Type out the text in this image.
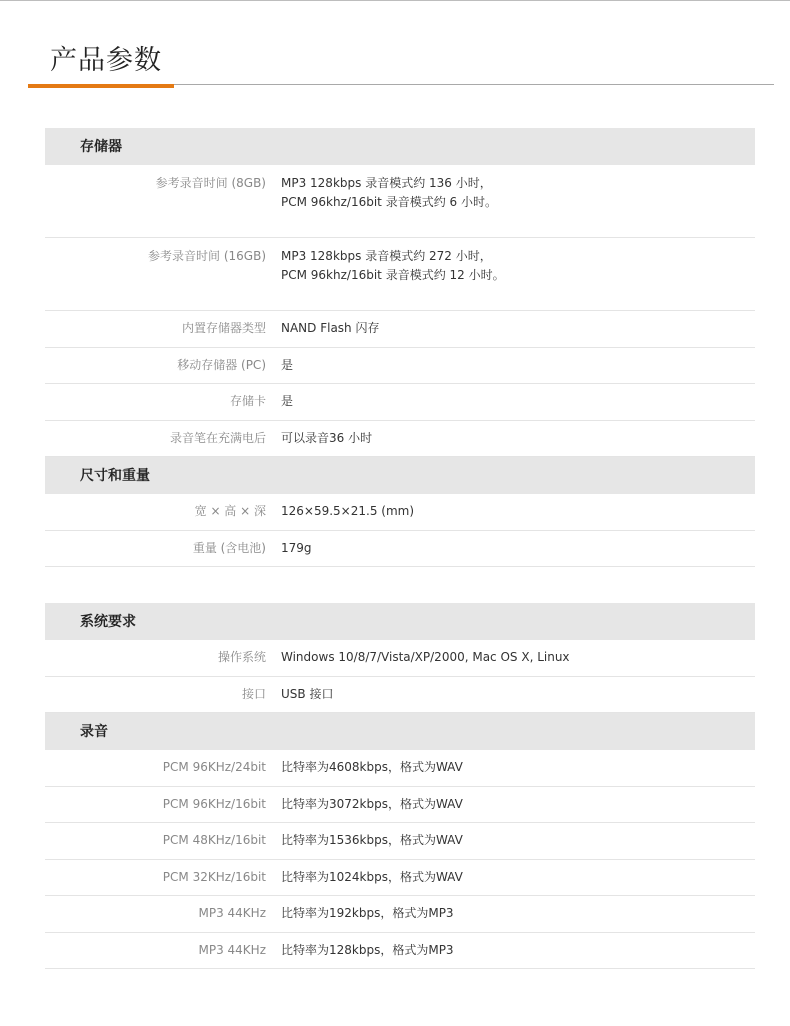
产品参数
存储器
参考录音时间 (8GB) MP3 128kbps 录音模式约 136 小时，
PCM 96khz/16bit 录音模式约 6 小时。
参考录音时间 (16GB) MP3 128kbps 录音模式约 272 小时，
PCM 96khz/16bit 录音模式约 12 小时。
内置存储器类型	NAND Flash 闪存
移动存储器 (PC)	是
存储卡	是
录音笔在充满电后	可以录音36 小时
尺寸和重量
宽 × 高 × 深	126×59.5×21.5 (mm)
重量 (含电池)	179g
系统要求
操作系统	Windows 10/8/7/Vista/XP/2000, Mac OS X, Linux
接口	USB 接口
录音
PCM 96KHz/24bit	比特率为4608kbps，格式为WAV
PCM 96KHz/16bit	比特率为3072kbps，格式为WAV
PCM 48KHz/16bit	比特率为1536kbps，格式为WAV
PCM 32KHz/16bit	比特率为1024kbps，格式为WAV
MP3 44KHz	比特率为192kbps，格式为MP3
MP3 44KHz	比特率为128kbps，格式为MP3
